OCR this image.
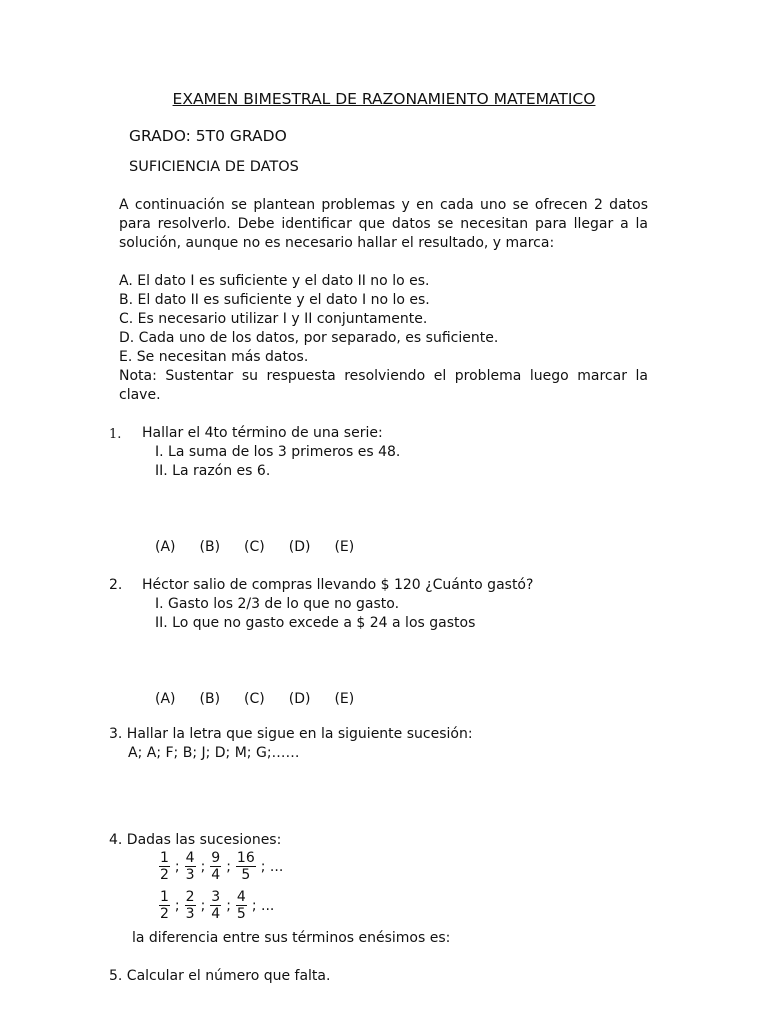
EXAMEN BIMESTRAL DE RAZONAMIENTO MATEMATICO
GRADO: 5T0 GRADO
SUFICIENCIA DE DATOS
A continuación se plantean problemas y en cada uno se ofrecen 2 datos
para resolverlo. Debe identificar que datos se necesitan para llegar a la
solución, aunque no es necesario hallar el resultado, y marca:
A. El dato I es suficiente y el dato II no lo es.
B. El dato II es suficiente y el dato I no lo es.
C. Es necesario utilizar I y II conjuntamente.
D. Cada uno de los datos, por separado, es suficiente.
E. Se necesitan más datos.
Nota: Sustentar su respuesta resolviendo el problema luego marcar la
clave.
1. Hallar el 4to término de una serie:
I. La suma de los 3 primeros es 48.
II. La razón es 6.
(A) (B) (C) (D) (E)
2. Héctor salio de compras llevando $ 120 ¿Cuánto gastó?
I. Gasto los 2/3 de lo que no gasto.
II. Lo que no gasto excede a $ 24 a los gastos
(A) (B) (C) (D) (E)
3. Hallar la letra que sigue en la siguiente sucesión:
A; A; F; B; J; D; M; G;……
4. Dadas las sucesiones:
$\frac{1}{2}$ ; $\frac{4}{3}$ ; $\frac{9}{4}$ ; $\frac{16}{5}$ ; ...
$\frac{1}{2}$ ; $\frac{2}{3}$ ; $\frac{3}{4}$ ; $\frac{4}{5}$ ; ...
la diferencia entre sus términos enésimos es:
5. Calcular el número que falta.
